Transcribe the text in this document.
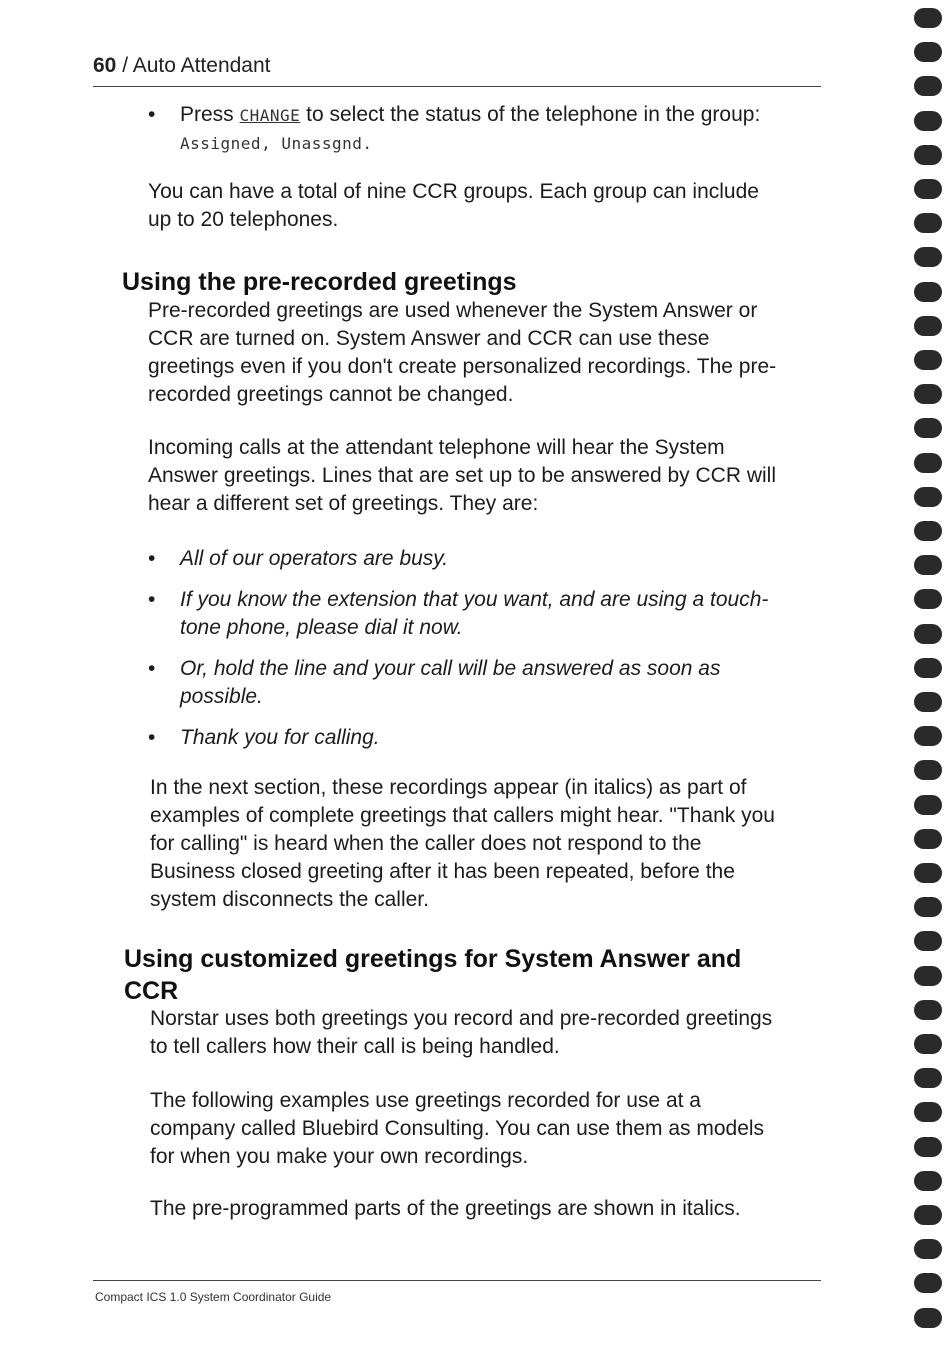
60 / Auto Attendant
• Press CHANGE to select the status of the telephone in the group:
Assigned, Unassgnd.
You can have a total of nine CCR groups. Each group can include
up to 20 telephones.
Using the pre-recorded greetings
Pre-recorded greetings are used whenever the System Answer or
CCR are turned on. System Answer and CCR can use these
greetings even if you don't create personalized recordings. The pre-
recorded greetings cannot be changed.
Incoming calls at the attendant telephone will hear the System
Answer greetings. Lines that are set up to be answered by CCR will
hear a different set of greetings. They are:
• All of our operators are busy.
• If you know the extension that you want, and are using a touch-
tone phone, please dial it now.
• Or, hold the line and your call will be answered as soon as
possible.
• Thank you for calling.
In the next section, these recordings appear (in italics) as part of
examples of complete greetings that callers might hear. "Thank you
for calling" is heard when the caller does not respond to the
Business closed greeting after it has been repeated, before the
system disconnects the caller.
Using customized greetings for System Answer and
CCR
Norstar uses both greetings you record and pre-recorded greetings
to tell callers how their call is being handled.
The following examples use greetings recorded for use at a
company called Bluebird Consulting. You can use them as models
for when you make your own recordings.
The pre-programmed parts of the greetings are shown in italics.
Compact ICS 1.0 System Coordinator Guide
